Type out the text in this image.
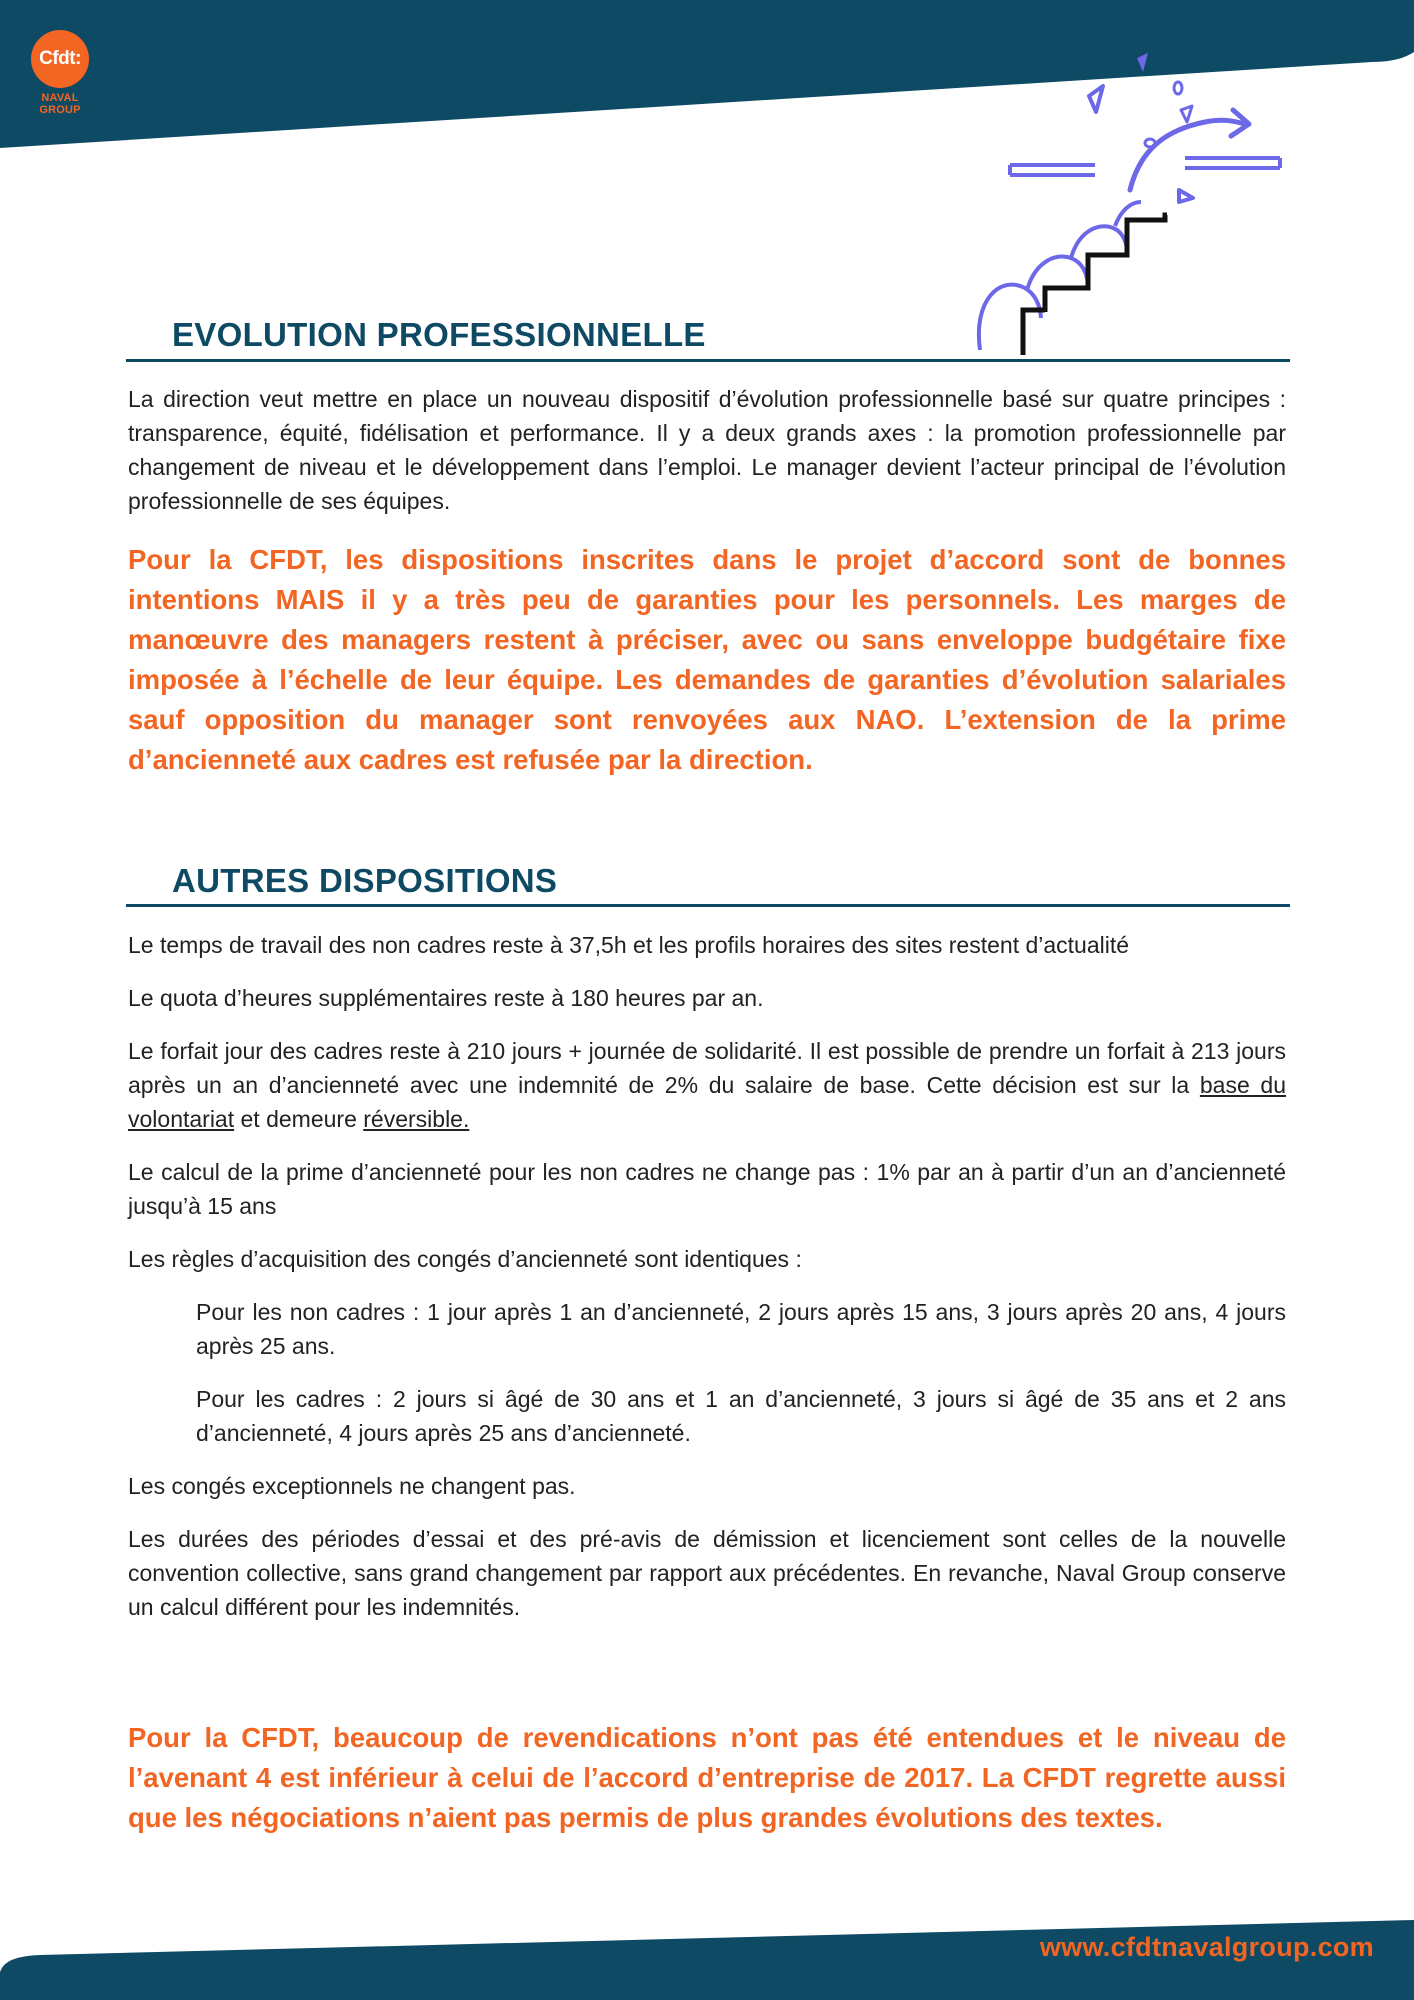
Cfdt:
NAVAL GROUP
EVOLUTION PROFESSIONNELLE

La direction veut mettre en place un nouveau dispositif d’évolution professionnelle basé sur quatre principes : transparence, équité, fidélisation et performance. Il y a deux grands axes : la promotion professionnelle par changement de niveau et le développement dans l’emploi. Le manager devient l’acteur principal de l’évolution professionnelle de ses équipes.

Pour la CFDT, les dispositions inscrites dans le projet d’accord sont de bonnes intentions MAIS il y a très peu de garanties pour les personnels. Les marges de manœuvre des managers restent à préciser, avec ou sans enveloppe budgétaire fixe imposée à l’échelle de leur équipe. Les demandes de garanties d’évolution salariales sauf opposition du manager sont renvoyées aux NAO. L’extension de la prime d’ancienneté aux cadres est refusée par la direction.
AUTRES DISPOSITIONS

Le temps de travail des non cadres reste à 37,5h et les profils horaires des sites restent d’actualité

Le quota d’heures supplémentaires reste à 180 heures par an.

Le forfait jour des cadres reste à 210 jours + journée de solidarité. Il est possible de prendre un forfait à 213 jours après un an d’ancienneté avec une indemnité de 2% du salaire de base. Cette décision est sur la base du volontariat et demeure réversible.

Le calcul de la prime d’ancienneté pour les non cadres ne change pas : 1% par an à partir d’un an d’ancienneté jusqu’à 15 ans

Les règles d’acquisition des congés d’ancienneté sont identiques :

Pour les non cadres : 1 jour après 1 an d’ancienneté, 2 jours après 15 ans, 3 jours après 20 ans, 4 jours après 25 ans.

Pour les cadres : 2 jours si âgé de 30 ans et 1 an d’ancienneté, 3 jours si âgé de 35 ans et 2 ans d’ancienneté, 4 jours après 25 ans d’ancienneté.

Les congés exceptionnels ne changent pas.

Les durées des périodes d’essai et des pré-avis de démission et licenciement sont celles de la nouvelle convention collective, sans grand changement par rapport aux précédentes. En revanche, Naval Group conserve un calcul différent pour les indemnités.

Pour la CFDT, beaucoup de revendications n’ont pas été entendues et le niveau de l’avenant 4 est inférieur à celui de l’accord d’entreprise de 2017. La CFDT regrette aussi que les négociations n’aient pas permis de plus grandes évolutions des textes.
www.cfdtnavalgroup.com
